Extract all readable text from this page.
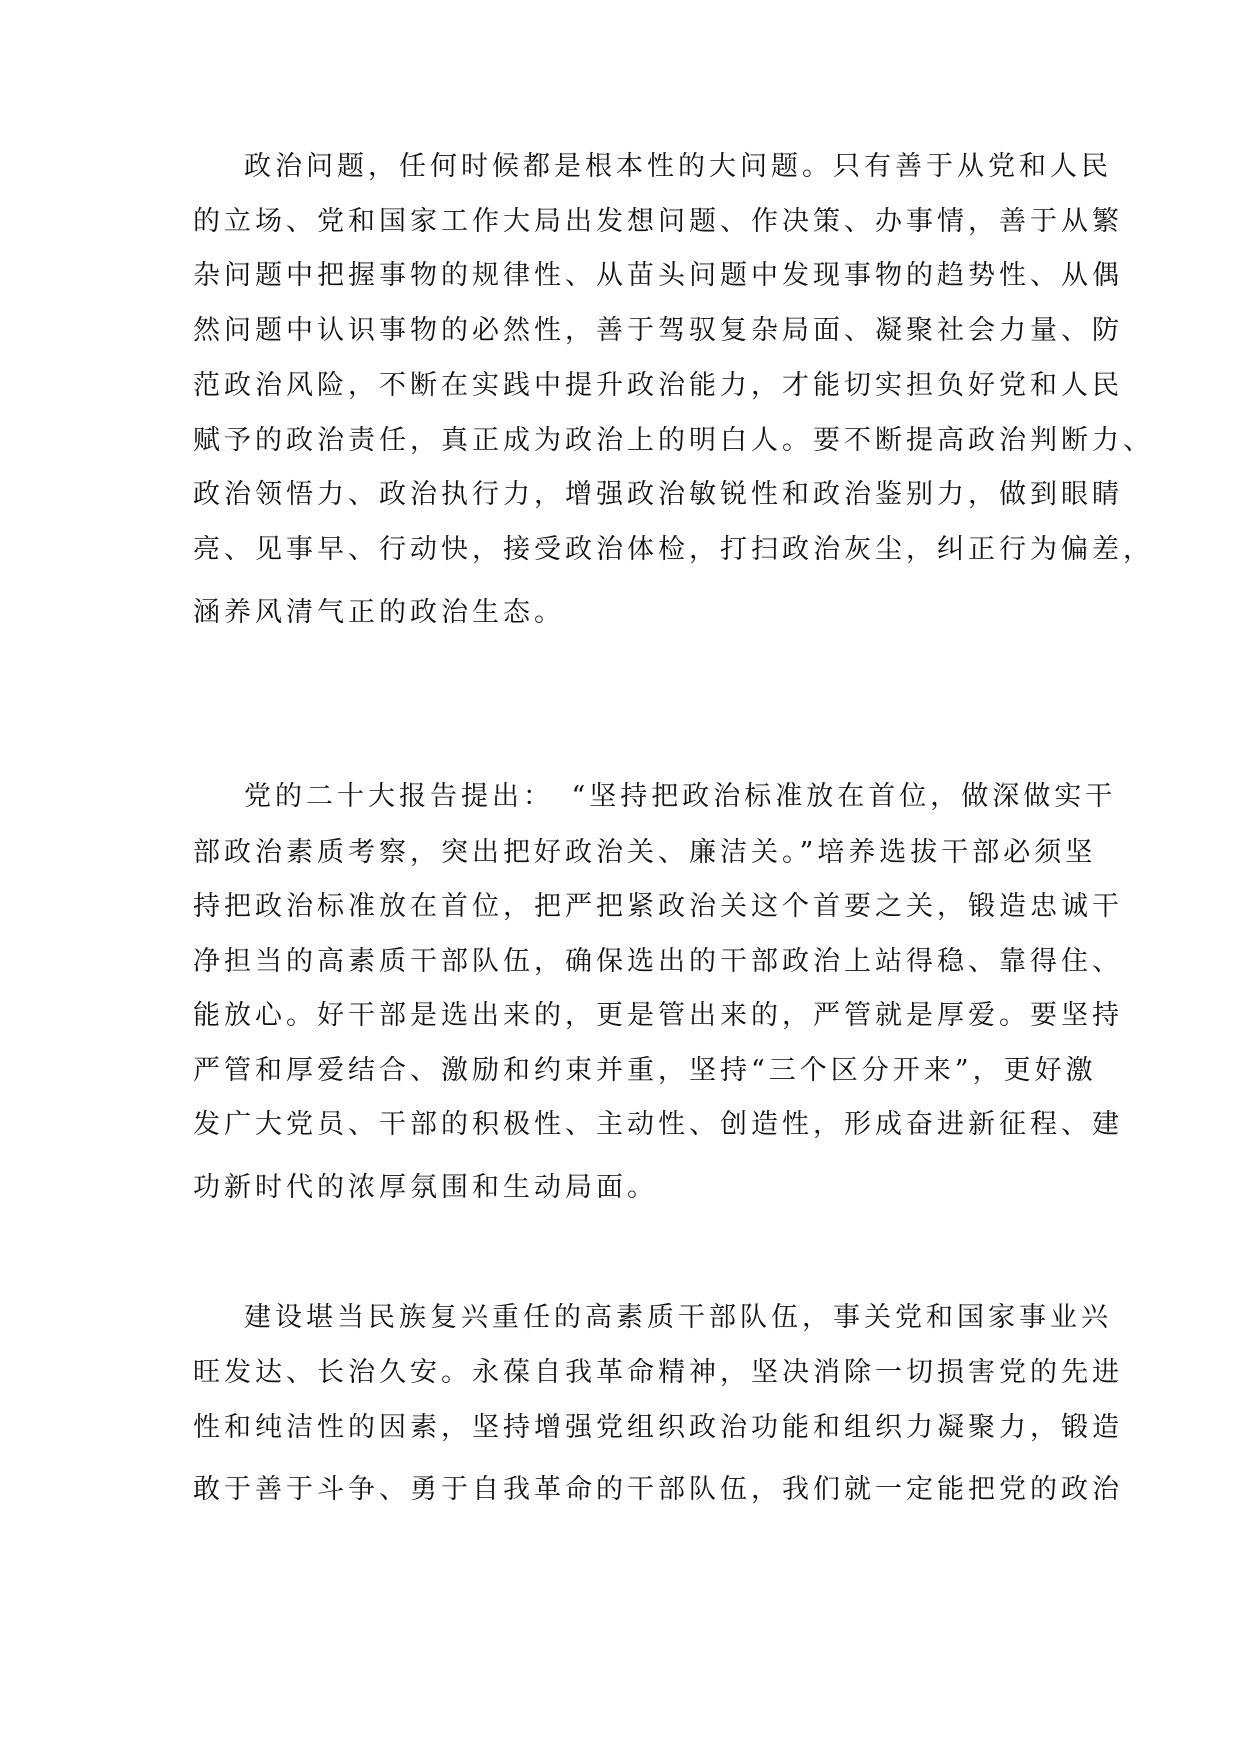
政治问题，任何时候都是根本性的大问题。只有善于从党和人民
的立场、党和国家工作大局出发想问题、作决策、办事情，善于从繁
杂问题中把握事物的规律性、从苗头问题中发现事物的趋势性、从偶
然问题中认识事物的必然性，善于驾驭复杂局面、凝聚社会力量、防
范政治风险，不断在实践中提升政治能力，才能切实担负好党和人民
赋予的政治责任，真正成为政治上的明白人。要不断提高政治判断力、
政治领悟力、政治执行力，增强政治敏锐性和政治鉴别力，做到眼睛
亮、见事早、行动快，接受政治体检，打扫政治灰尘，纠正行为偏差，
涵养风清气正的政治生态。
党的二十大报告提出：　“坚持把政治标准放在首位，做深做实干
部政治素质考察，突出把好政治关、廉洁关。”培养选拔干部必须坚
持把政治标准放在首位，把严把紧政治关这个首要之关，锻造忠诚干
净担当的高素质干部队伍，确保选出的干部政治上站得稳、靠得住、
能放心。好干部是选出来的，更是管出来的，严管就是厚爱。要坚持
严管和厚爱结合、激励和约束并重，坚持“三个区分开来”，更好激
发广大党员、干部的积极性、主动性、创造性，形成奋进新征程、建
功新时代的浓厚氛围和生动局面。
建设堪当民族复兴重任的高素质干部队伍，事关党和国家事业兴
旺发达、长治久安。永葆自我革命精神，坚决消除一切损害党的先进
性和纯洁性的因素，坚持增强党组织政治功能和组织力凝聚力，锻造
敢于善于斗争、勇于自我革命的干部队伍，我们就一定能把党的政治
